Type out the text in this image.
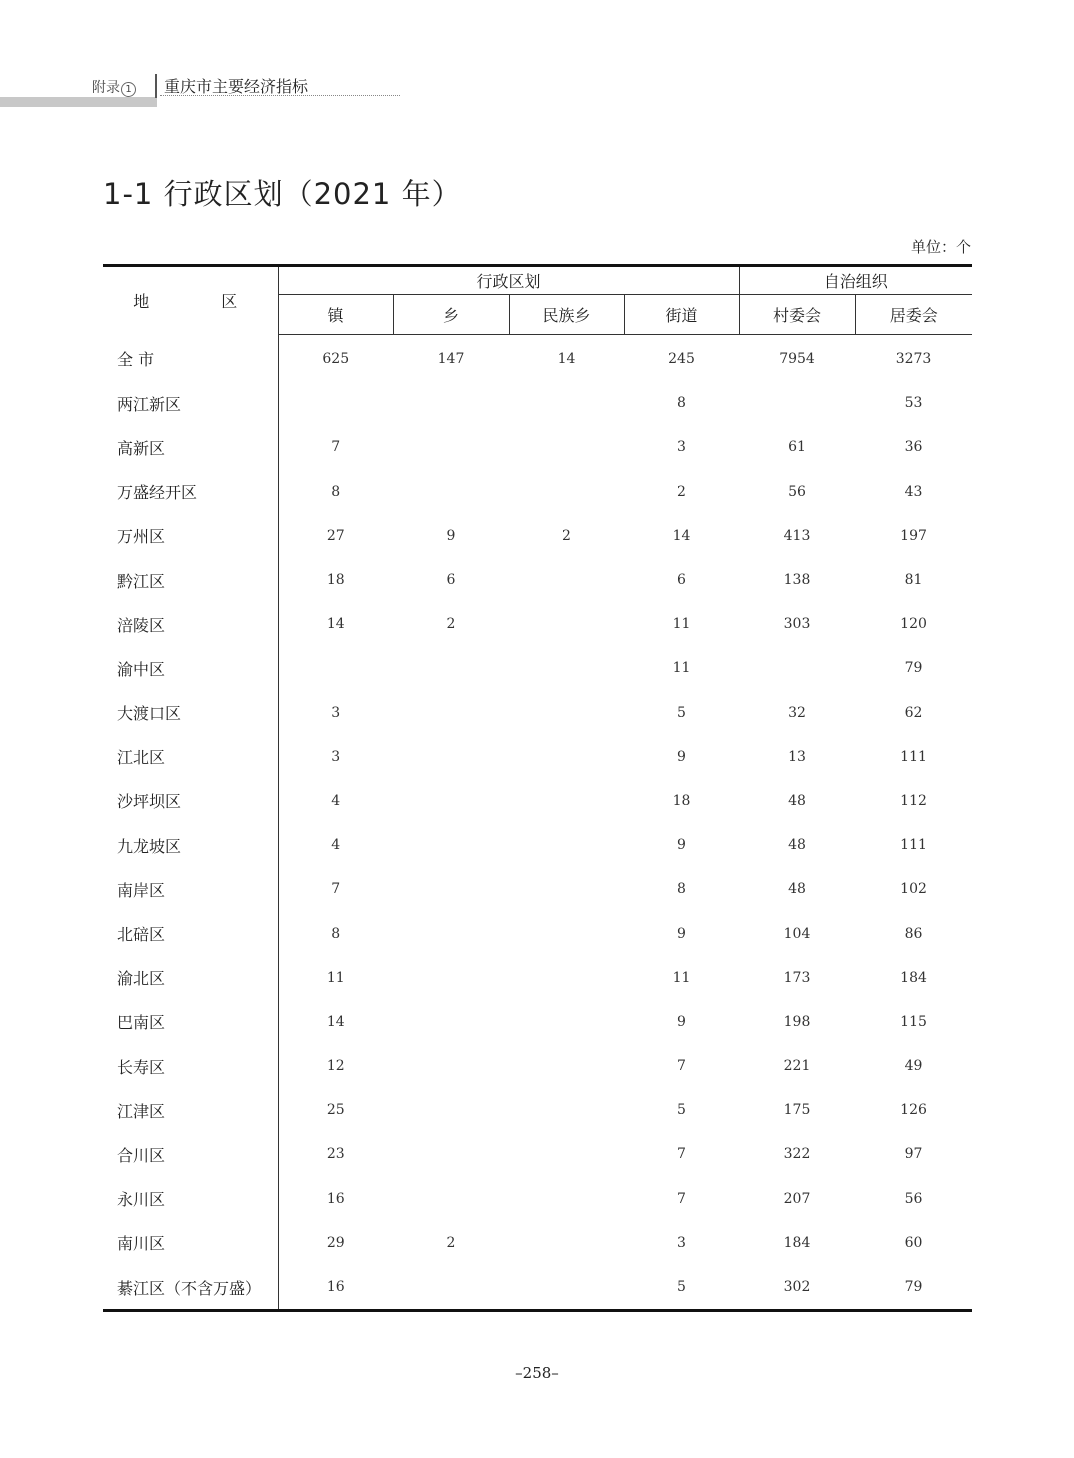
附录 1 重庆市主要经济指标
1-1 行政区划（2021 年）
单位：个
地　区	行政区划				自治组织	
	镇	乡	民族乡	街道	村委会	居委会
全 市	625	147	14	245	7954	3273
两江新区				8		53
高新区	7			3	61	36
万盛经开区	8			2	56	43
万州区	27	9	2	14	413	197
黔江区	18	6		6	138	81
涪陵区	14	2		11	303	120
渝中区				11		79
大渡口区	3			5	32	62
江北区	3			9	13	111
沙坪坝区	4			18	48	112
九龙坡区	4			9	48	111
南岸区	7			8	48	102
北碚区	8			9	104	86
渝北区	11			11	173	184
巴南区	14			9	198	115
长寿区	12			7	221	49
江津区	25			5	175	126
合川区	23			7	322	97
永川区	16			7	207	56
南川区	29	2		3	184	60
綦江区（不含万盛）	16			5	302	79
–258–
